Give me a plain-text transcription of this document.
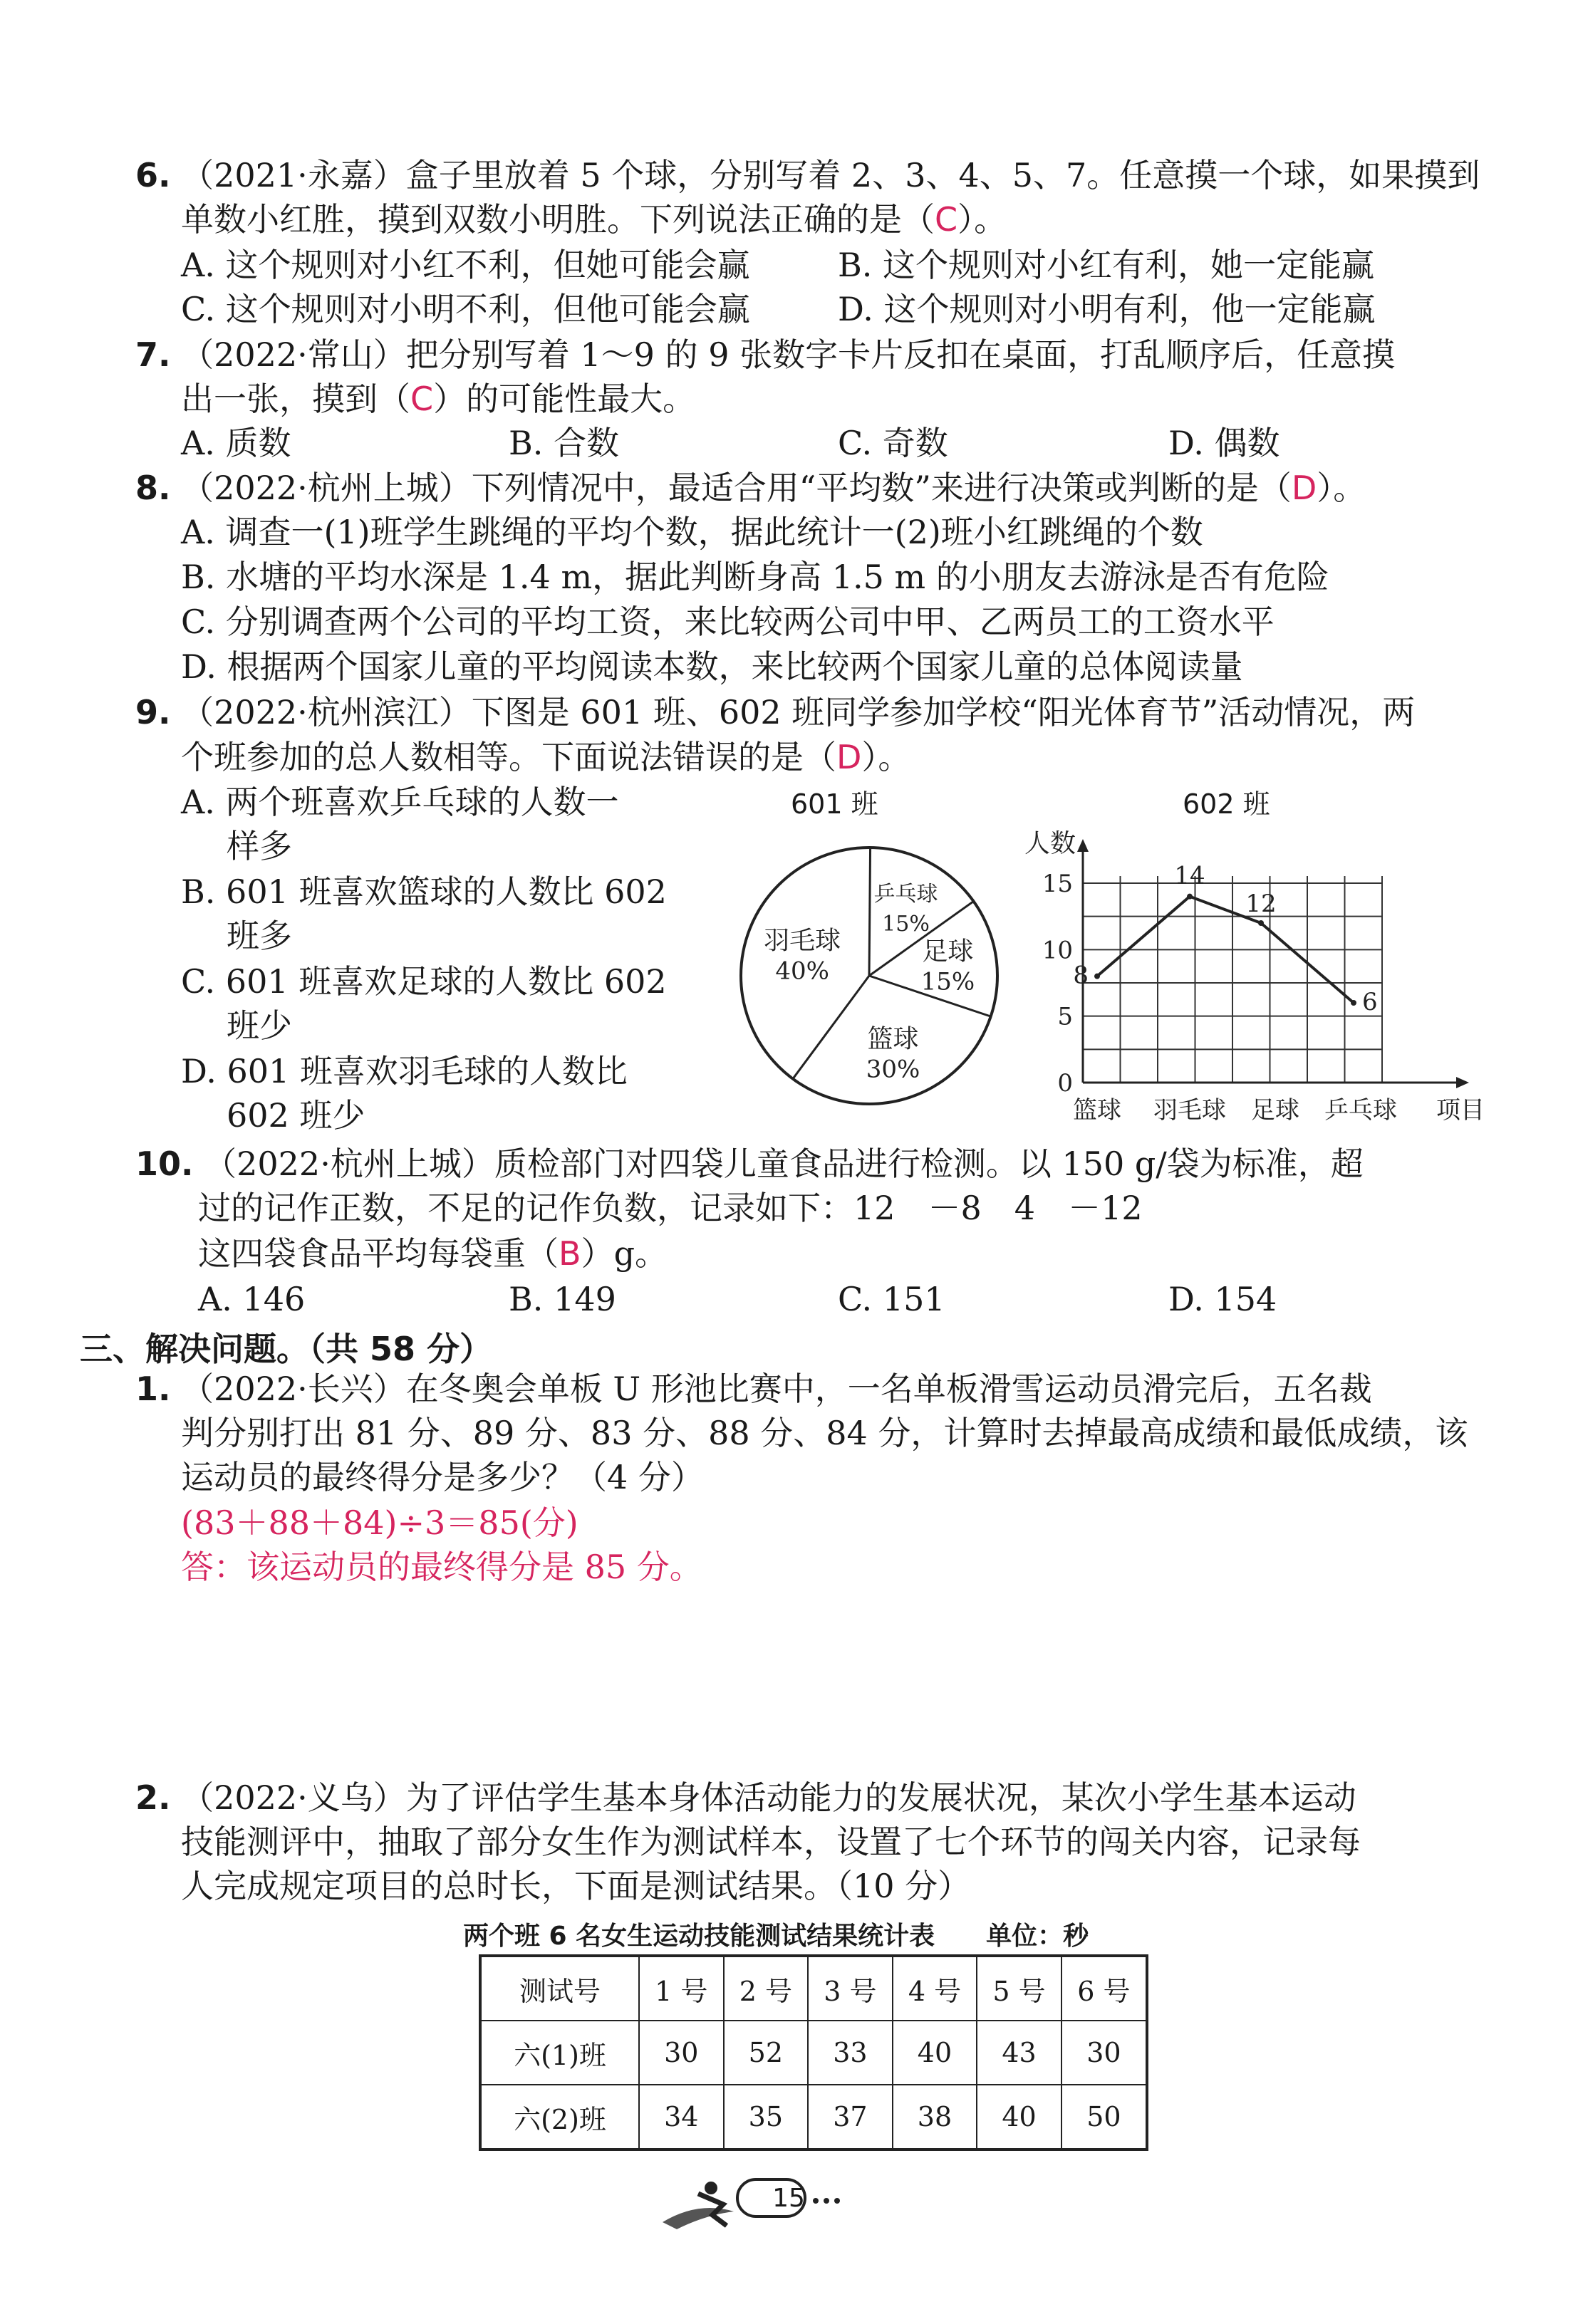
6. （2021·永嘉）盒子里放着 5 个球，分别写着 2、3、4、5、7。任意摸一个球，如果摸到
单数小红胜，摸到双数小明胜。下列说法正确的是（C）。
A. 这个规则对小红不利，但她可能会赢	B. 这个规则对小红有利，她一定能赢
C. 这个规则对小明不利，但他可能会赢	D. 这个规则对小明有利，他一定能赢
7. （2022·常山）把分别写着 1～9 的 9 张数字卡片反扣在桌面，打乱顺序后，任意摸
出一张，摸到（C）的可能性最大。
A. 质数	B. 合数	C. 奇数	D. 偶数
8. （2022·杭州上城）下列情况中，最适合用“平均数”来进行决策或判断的是（D）。
A. 调查一(1)班学生跳绳的平均个数，据此统计一(2)班小红跳绳的个数
B. 水塘的平均水深是 1.4 m，据此判断身高 1.5 m 的小朋友去游泳是否有危险
C. 分别调查两个公司的平均工资，来比较两公司中甲、乙两员工的工资水平
D. 根据两个国家儿童的平均阅读本数，来比较两个国家儿童的总体阅读量
9. （2022·杭州滨江）下图是 601 班、602 班同学参加学校“阳光体育节”活动情况，两
个班参加的总人数相等。下面说法错误的是（D）。
A. 两个班喜欢乒乓球的人数一
样多
B. 601 班喜欢篮球的人数比 602
班多
C. 601 班喜欢足球的人数比 602
班少
D. 601 班喜欢羽毛球的人数比
602 班少
601 班
乒乓球
15%
足球
15%
篮球
30%
羽毛球
40%
602 班
人数
0
5
10
15
8
14
12
6
篮球 羽毛球 足球 乒乓球 项目
10. （2022·杭州上城）质检部门对四袋儿童食品进行检测。以 150 g/袋为标准，超
过的记作正数，不足的记作负数，记录如下：12　－8　4　－12
这四袋食品平均每袋重（B）g。
A. 146	B. 149	C. 151	D. 154
三、解决问题。（共 58 分）
1. （2022·长兴）在冬奥会单板 U 形池比赛中，一名单板滑雪运动员滑完后，五名裁
判分别打出 81 分、89 分、83 分、88 分、84 分，计算时去掉最高成绩和最低成绩，该
运动员的最终得分是多少？（4 分）
(83＋88＋84)÷3＝85(分)
答：该运动员的最终得分是 85 分。
2. （2022·义乌）为了评估学生基本身体活动能力的发展状况，某次小学生基本运动
技能测评中，抽取了部分女生作为测试样本，设置了七个环节的闯关内容，记录每
人完成规定项目的总时长，下面是测试结果。（10 分）
两个班 6 名女生运动技能测试结果统计表　　单位：秒
测试号	1 号	2 号	3 号	4 号	5 号	6 号
六(1)班	30	52	33	40	43	30
六(2)班	34	35	37	38	40	50
15
